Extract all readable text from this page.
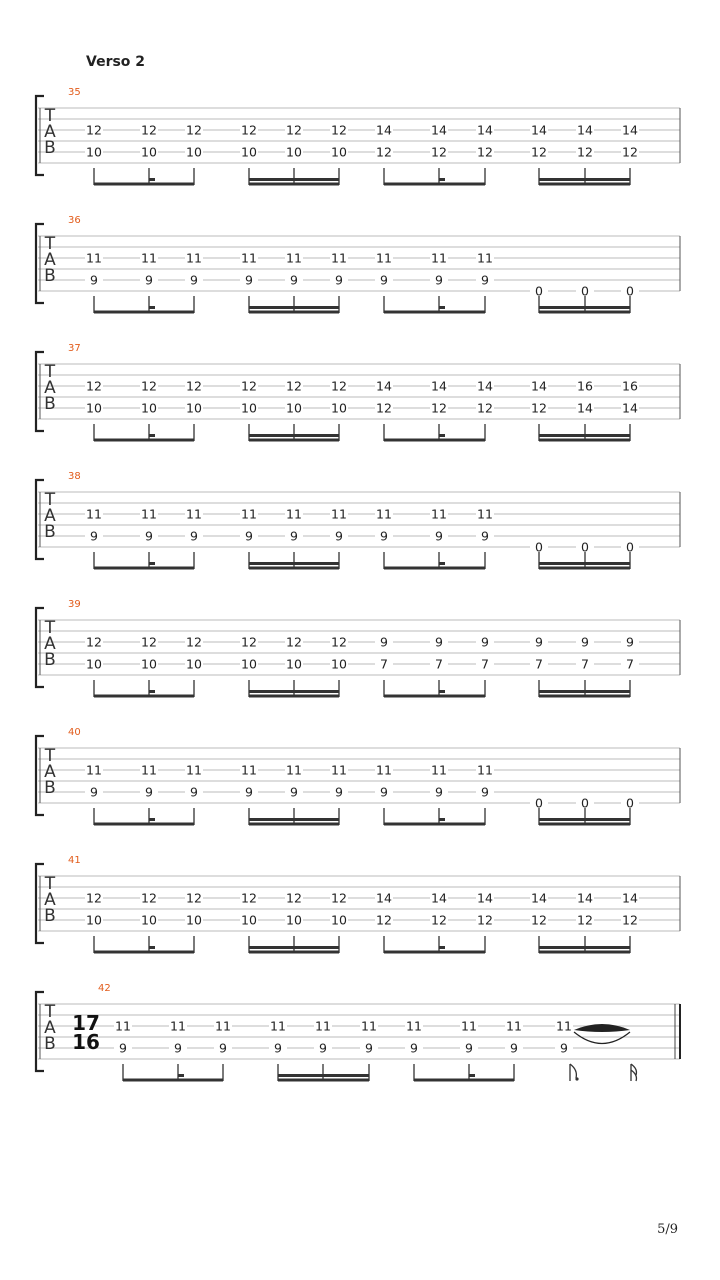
Verso 2
T
A
B
35
12	12 12	12 12 12 14	14 14	14 14 14
10	10 10	10 10 10 12	12 12	12 12 12
T
A
B
36
11	11 11	11 11 11 11	11 11
9	9	9	9	9	9	9	9	9
0	0	0
T
A
B
37
12	12 12	12 12 12 14	14 14	14 16 16
10	10 10	10 10 10 12	12 12	12 14 14
T
A
B
38
11	11 11	11 11 11 11	11 11
9	9	9	9	9	9	9	9	9
0	0	0
T
A
B
39
12	12 12	12 12 12	9	9	9	9	9	9
10	10 10	10 10 10	7	7	7	7	7	7
T
A
B
40
11	11 11	11 11 11 11	11 11
9	9	9	9	9	9	9	9	9
0	0	0
T
A
B
41
12	12 12	12 12 12 14	14 14	14 14 14
10	10 10	10 10 10 12	12 12	12 12 12
T
A
B
42
17
16
11	11 11	11 11 11 11	11 11	11
9	9	9	9	9	9	9	9	9	9
5/9
